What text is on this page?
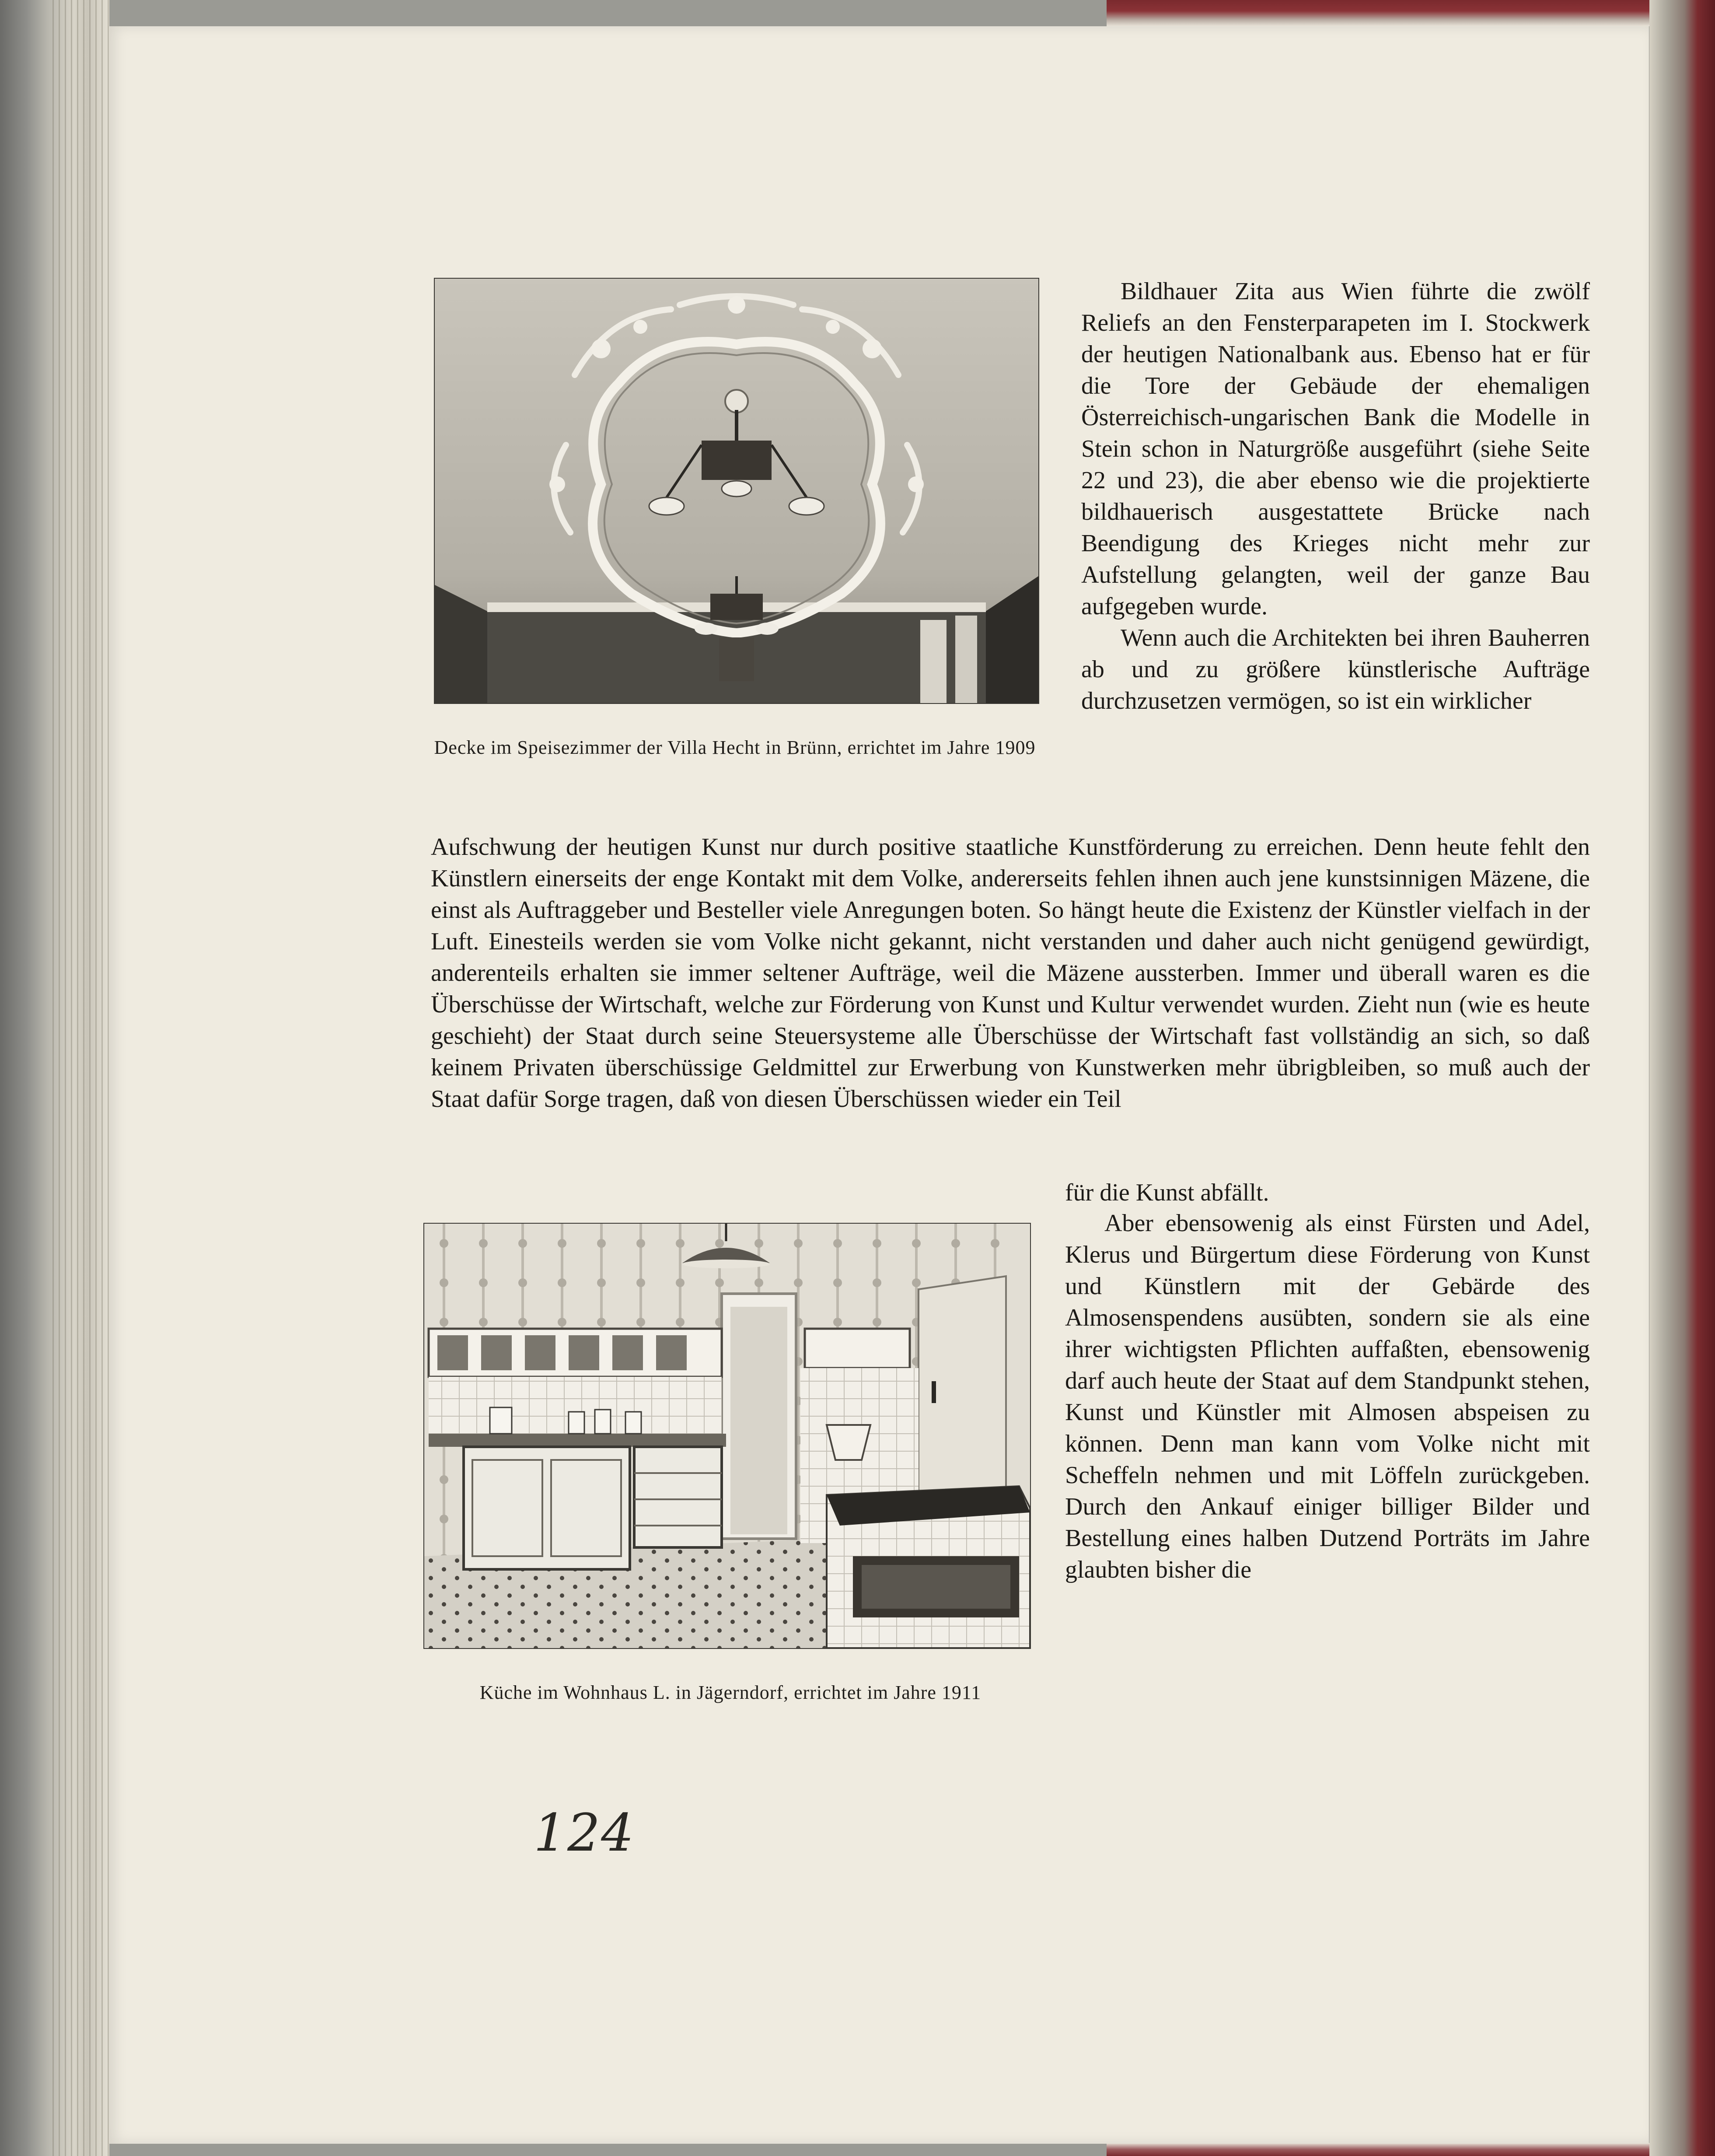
Decke im Speisezimmer der Villa Hecht in Brünn, errichtet im Jahre 1909

Bildhauer Zita aus Wien führte die zwölf Reliefs an den Fensterparapeten im I. Stockwerk der heutigen Nationalbank aus. Ebenso hat er für die Tore der Gebäude der ehemaligen Österreichisch-ungarischen Bank die Modelle in Stein schon in Naturgröße ausgeführt (siehe Seite 22 und 23), die aber ebenso wie die projektierte bildhauerisch ausgestattete Brücke nach Beendigung des Krieges nicht mehr zur Aufstellung gelangten, weil der ganze Bau aufgegeben wurde.

Wenn auch die Architekten bei ihren Bauherren ab und zu größere künstlerische Aufträge durchzusetzen vermögen, so ist ein wirklicher

Aufschwung der heutigen Kunst nur durch positive staatliche Kunstförderung zu erreichen. Denn heute fehlt den Künstlern einerseits der enge Kontakt mit dem Volke, andererseits fehlen ihnen auch jene kunstsinnigen Mäzene, die einst als Auftraggeber und Besteller viele Anregungen boten. So hängt heute die Existenz der Künstler vielfach in der Luft. Einesteils werden sie vom Volke nicht gekannt, nicht verstanden und daher auch nicht genügend gewürdigt, anderenteils erhalten sie immer seltener Aufträge, weil die Mäzene aussterben. Immer und überall waren es die Überschüsse der Wirtschaft, welche zur Förderung von Kunst und Kultur verwendet wurden. Zieht nun (wie es heute geschieht) der Staat durch seine Steuersysteme alle Überschüsse der Wirtschaft fast vollständig an sich, so daß keinem Privaten überschüssige Geldmittel zur Erwerbung von Kunstwerken mehr übrigbleiben, so muß auch der Staat dafür Sorge tragen, daß von diesen Überschüssen wieder ein Teil

für die Kunst abfällt.
Küche im Wohnhaus L. in Jägerndorf, errichtet im Jahre 1911

Aber ebensowenig als einst Fürsten und Adel, Klerus und Bürgertum diese Förderung von Kunst und Künstlern mit der Gebärde des Almosenspendens ausübten, sondern sie als eine ihrer wichtigsten Pflichten auffaßten, ebensowenig darf auch heute der Staat auf dem Standpunkt stehen, Kunst und Künstler mit Almosen abspeisen zu können. Denn man kann vom Volke nicht mit Scheffeln nehmen und mit Löffeln zurückgeben. Durch den Ankauf einiger billiger Bilder und Bestellung eines halben Dutzend Porträts im Jahre glaubten bisher die

124
